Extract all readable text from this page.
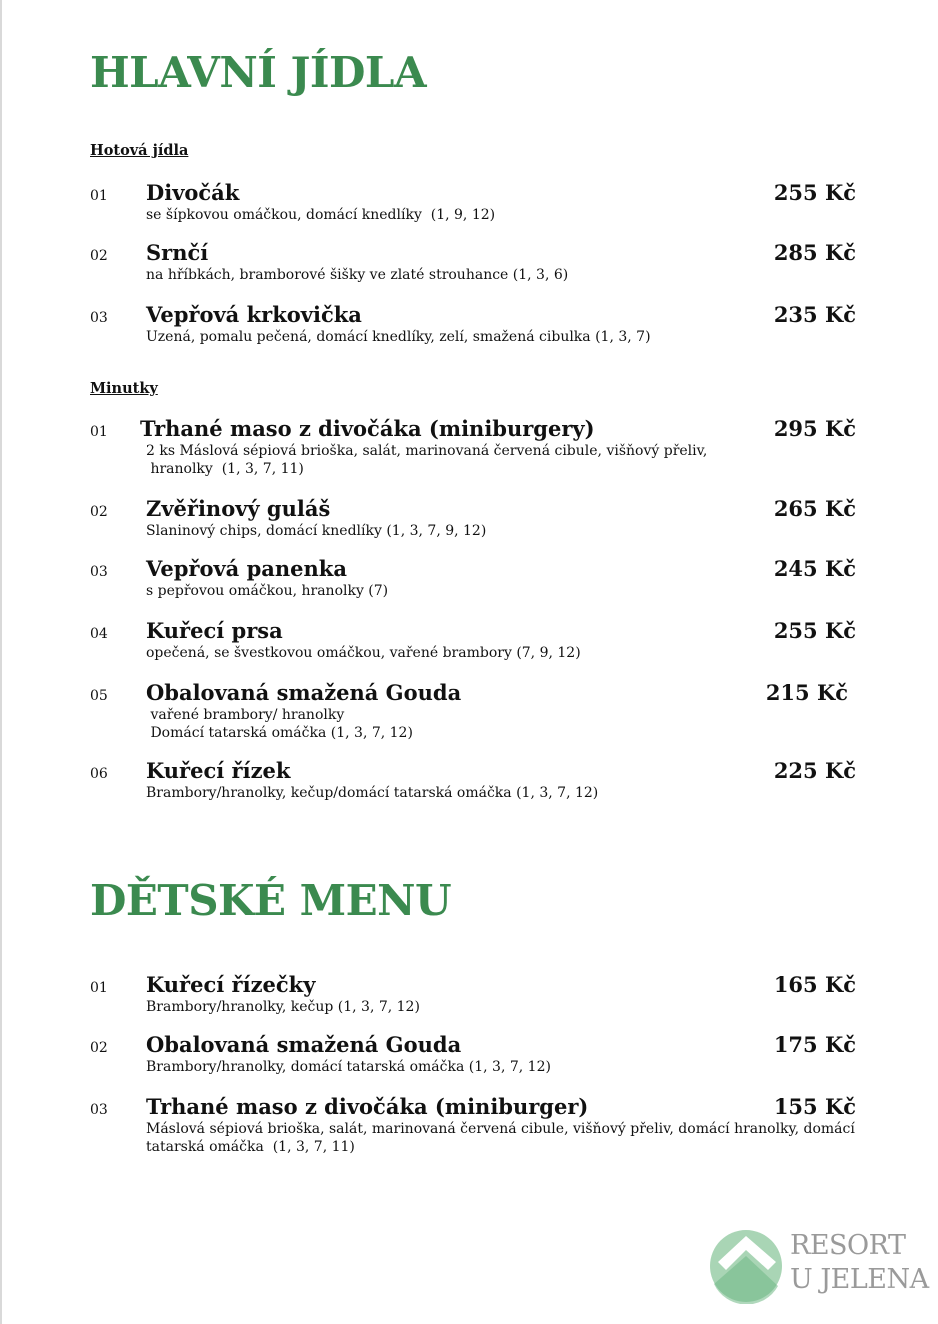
HLAVNÍ JÍDLA
Hotová jídla
01 Divočák
se šípkovou omáčkou, domácí knedlíky  (1, 9, 12)
255 Kč
02 Srnčí
na hříbkách, bramborové šišky ve zlaté strouhance (1, 3, 6)
285 Kč
03 Vepřová krkovička
Uzená, pomalu pečená, domácí knedlíky, zelí, smažená cibulka (1, 3, 7)
235 Kč
Minutky
01 Trhané maso z divočáka (miniburgery)
2 ks Máslová sépiová brioška, salát, marinovaná červená cibule, višňový přeliv,
hranolky  (1, 3, 7, 11)
295 Kč
02 Zvěřinový guláš
Slaninový chips, domácí knedlíky (1, 3, 7, 9, 12)
265 Kč
03 Vepřová panenka
s pepřovou omáčkou, hranolky (7)
245 Kč
04 Kuřecí prsa
opečená, se švestkovou omáčkou, vařené brambory (7, 9, 12)
255 Kč
05 Obalovaná smažená Gouda
vařené brambory/ hranolky
Domácí tatarská omáčka (1, 3, 7, 12)
215 Kč
06 Kuřecí řízek
Brambory/hranolky, kečup/domácí tatarská omáčka (1, 3, 7, 12)
225 Kč
DĚTSKÉ MENU
01 Kuřecí řízečky
Brambory/hranolky, kečup (1, 3, 7, 12)
165 Kč
02 Obalovaná smažená Gouda
Brambory/hranolky, domácí tatarská omáčka (1, 3, 7, 12)
175 Kč
03 Trhané maso z divočáka (miniburger)
Máslová sépiová brioška, salát, marinovaná červená cibule, višňový přeliv, domácí hranolky, domácí
tatarská omáčka  (1, 3, 7, 11)
155 Kč
RESORT
U JELENA
